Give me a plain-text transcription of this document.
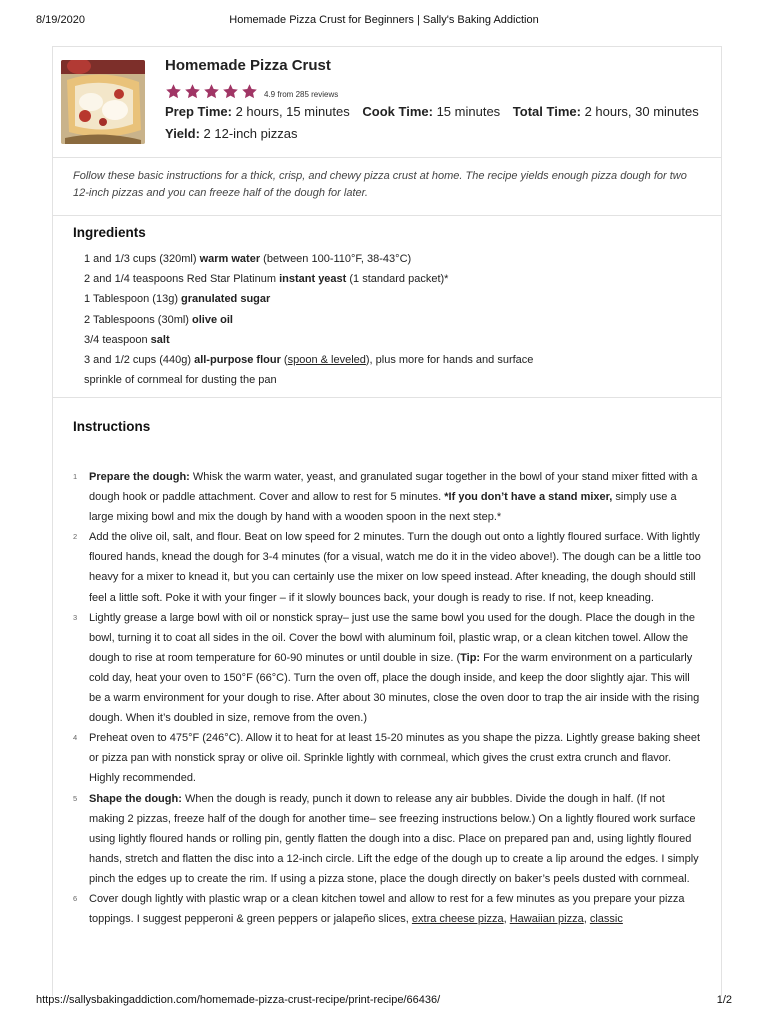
8/19/2020	Homemade Pizza Crust for Beginners | Sally's Baking Addiction
Homemade Pizza Crust
4.9 from 285 reviews
Prep Time: 2 hours, 15 minutes Cook Time: 15 minutes Total Time: 2 hours, 30 minutes
Yield: 2 12-inch pizzas
Follow these basic instructions for a thick, crisp, and chewy pizza crust at home. The recipe yields enough pizza dough for two 12-inch pizzas and you can freeze half of the dough for later.
Ingredients
1 and 1/3 cups (320ml) warm water (between 100-110°F, 38-43°C)
2 and 1/4 teaspoons Red Star Platinum instant yeast (1 standard packet)*
1 Tablespoon (13g) granulated sugar
2 Tablespoons (30ml) olive oil
3/4 teaspoon salt
3 and 1/2 cups (440g) all-purpose flour (spoon & leveled), plus more for hands and surface
sprinkle of cornmeal for dusting the pan
Instructions
1	Prepare the dough: Whisk the warm water, yeast, and granulated sugar together in the bowl of your stand mixer fitted with a dough hook or paddle attachment. Cover and allow to rest for 5 minutes. *If you don’t have a stand mixer, simply use a large mixing bowl and mix the dough by hand with a wooden spoon in the next step.*
2	Add the olive oil, salt, and flour. Beat on low speed for 2 minutes. Turn the dough out onto a lightly floured surface. With lightly floured hands, knead the dough for 3-4 minutes (for a visual, watch me do it in the video above!). The dough can be a little too heavy for a mixer to knead it, but you can certainly use the mixer on low speed instead. After kneading, the dough should still feel a little soft. Poke it with your finger – if it slowly bounces back, your dough is ready to rise. If not, keep kneading.
3	Lightly grease a large bowl with oil or nonstick spray– just use the same bowl you used for the dough. Place the dough in the bowl, turning it to coat all sides in the oil. Cover the bowl with aluminum foil, plastic wrap, or a clean kitchen towel. Allow the dough to rise at room temperature for 60-90 minutes or until double in size. (Tip: For the warm environment on a particularly cold day, heat your oven to 150°F (66°C). Turn the oven off, place the dough inside, and keep the door slightly ajar. This will be a warm environment for your dough to rise. After about 30 minutes, close the oven door to trap the air inside with the rising dough. When it’s doubled in size, remove from the oven.)
4	Preheat oven to 475°F (246°C). Allow it to heat for at least 15-20 minutes as you shape the pizza. Lightly grease baking sheet or pizza pan with nonstick spray or olive oil. Sprinkle lightly with cornmeal, which gives the crust extra crunch and flavor. Highly recommended.
5	Shape the dough: When the dough is ready, punch it down to release any air bubbles. Divide the dough in half. (If not making 2 pizzas, freeze half of the dough for another time– see freezing instructions below.) On a lightly floured work surface using lightly floured hands or rolling pin, gently flatten the dough into a disc. Place on prepared pan and, using lightly floured hands, stretch and flatten the disc into a 12-inch circle. Lift the edge of the dough up to create a lip around the edges. I simply pinch the edges up to create the rim. If using a pizza stone, place the dough directly on baker’s peels dusted with cornmeal.
6	Cover dough lightly with plastic wrap or a clean kitchen towel and allow to rest for a few minutes as you prepare your pizza toppings. I suggest pepperoni & green peppers or jalapeño slices, extra cheese pizza, Hawaiian pizza, classic
https://sallysbakingaddiction.com/homemade-pizza-crust-recipe/print-recipe/66436/	1/2
